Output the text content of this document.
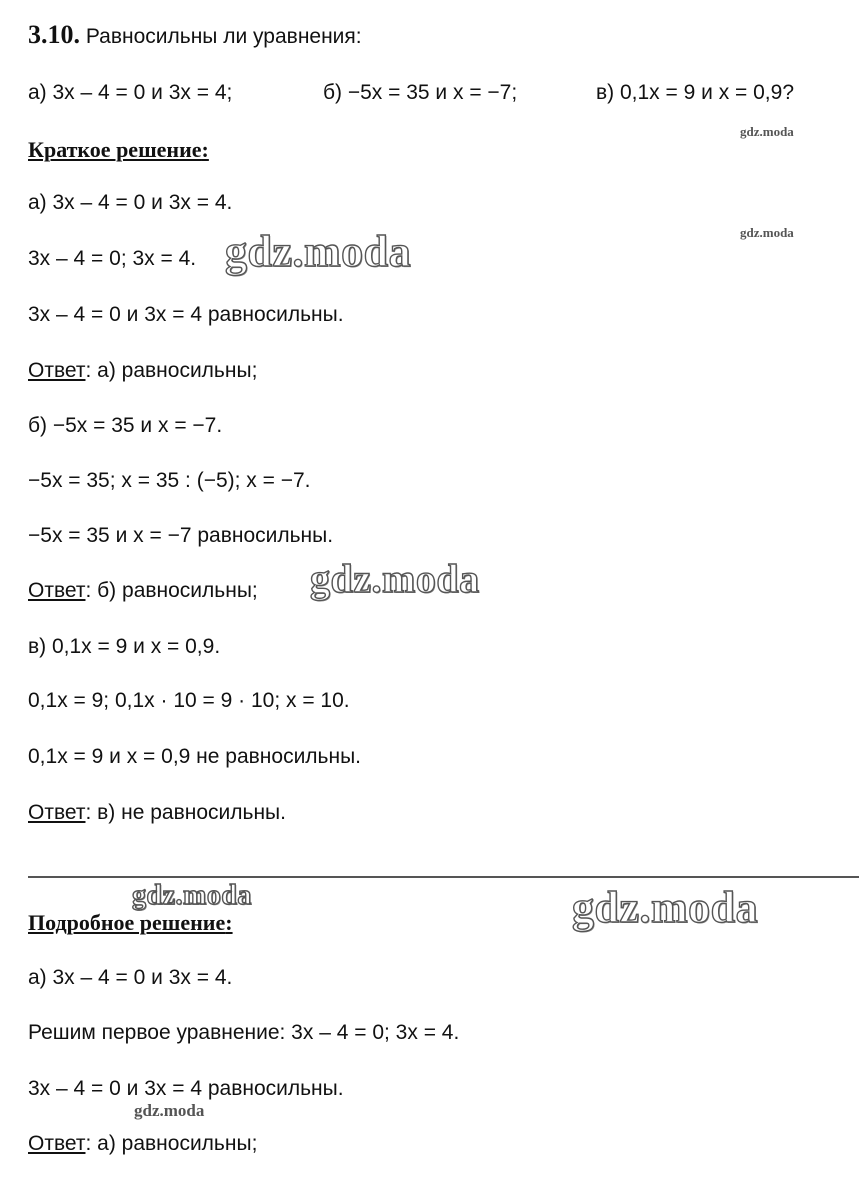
3.10. Равносильны ли уравнения:
а) 3x – 4 = 0 и 3x = 4;	б) −5x = 35 и x = −7;	в) 0,1x = 9 и x = 0,9?
Краткое решение:
а) 3x – 4 = 0 и 3x = 4.
3x – 4 = 0; 3x = 4.
3x – 4 = 0 и 3x = 4 равносильны.
Ответ: а) равносильны;
б) −5x = 35 и x = −7.
−5x = 35; x = 35 : (−5); x = −7.
−5x = 35 и x = −7 равносильны.
Ответ: б) равносильны;
в) 0,1x = 9 и x = 0,9.
0,1x = 9; 0,1x · 10 = 9 · 10; x = 10.
0,1x = 9 и x = 0,9 не равносильны.
Ответ: в) не равносильны.
Подробное решение:
а) 3x – 4 = 0 и 3x = 4.
Решим первое уравнение: 3x – 4 = 0; 3x = 4.
3x – 4 = 0 и 3x = 4 равносильны.
Ответ: а) равносильны;
gdz.moda
gdz.moda
gdz.moda
gdz.moda
gdz.moda	gdz.moda
gdz.moda
